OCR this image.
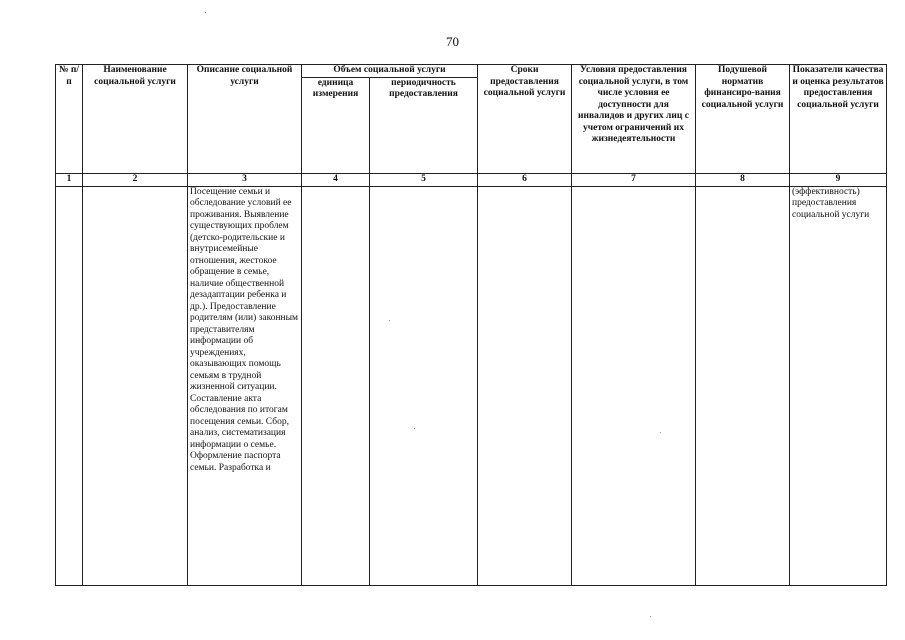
70
№ п/п	Наименование социальной услуги	Описание социальной услуги	Объем социальной услуги		Сроки предоставления социальной услуги	Условия предоставления социальной услуги, в том числе условия ее доступности для инвалидов и других лиц с учетом ограничений их жизнедеятельности	Подушевой норматив финансиро-вания социальной услуги	Показатели качества и оценка результатов предоставления социальной услуги
			единица измерения	периодичность предоставления				
1	2	3	4	5	6	7	8	9
		Посещение семьи и обследование условий ее проживания. Выявление существующих проблем (детско-родительские и внутрисемейные отношения, жестокое обращение в семье, наличие общественной дезадаптации ребенка и др.). Предоставление родителям (или) законным представителям информации об учреждениях, оказывающих помощь семьям в трудной жизненной ситуации. Составление акта обследования по итогам посещения семьи. Сбор, анализ, систематизация информации о семье. Оформление паспорта семьи. Разработка и						(эффективность) предоставления социальной услуги
